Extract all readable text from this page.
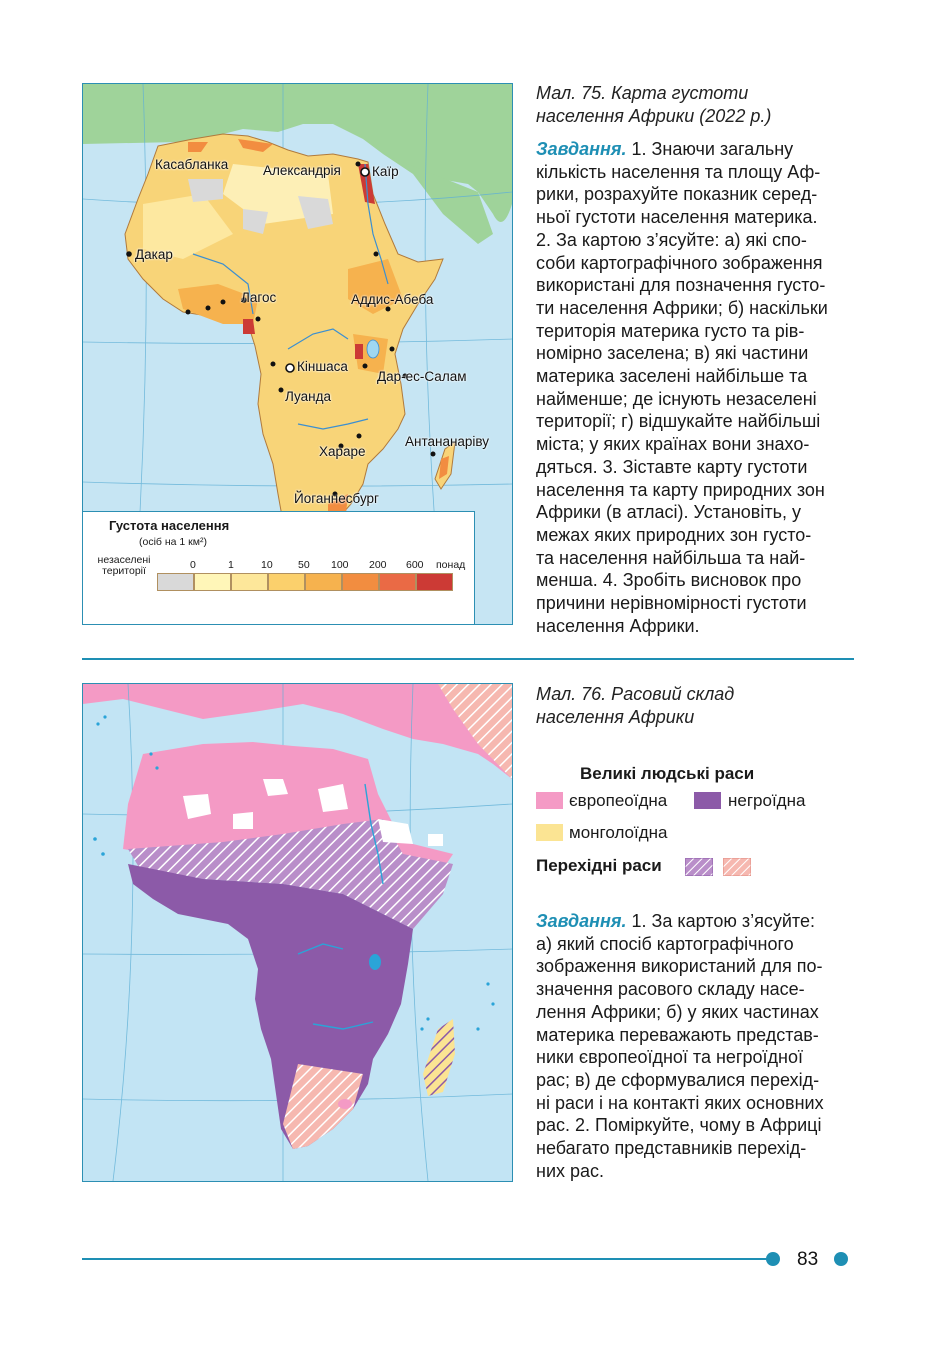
Касабланка	Александрія Каїр
Дакар
Лагос	Аддис-Абеба
Кіншаса
Дар-ес-Салам
Луанда
Антананаріву
Хараре
Йоганнесбург
Густота населення
(осіб на 1 км²)
незаселені території	0	1	10 50 100 200 600 понад
Мал. 75. Карта густоти
населення Африки (2022 р.)
Завдання. 1. Знаючи загальну
кількість населення та площу Аф-
рики, розрахуйте показник серед-
ньої густоти населення материка.
2. За картою з’ясуйте: а) які спо-
соби картографічного зображення
використані для позначення густо-
ти населення Африки; б) наскільки
територія материка густо та рів-
номірно заселена; в) які частини
материка заселені найбільше та
найменше; де існують незаселені
території; г) відшукайте найбільші
міста; у яких країнах вони знахо-
дяться. 3. Зіставте карту густоти
населення та карту природних зон
Африки (в атласі). Установіть, у
межах яких природних зон густо-
та населення найбільша та най-
менша. 4. Зробіть висновок про
причини нерівномірності густоти
населення Африки.
Мал. 76. Расовий склад
населення Африки
Великі людські раси
європеоїдна	негроїдна
монголоїдна
Перехідні раси
Завдання. 1. За картою з’ясуйте:
а) який спосіб картографічного
зображення використаний для по-
значення расового складу насе-
лення Африки; б) у яких частинах
материка переважають представ-
ники європеоїдної та негроїдної
рас; в) де сформувалися перехід-
ні раси і на контакті яких основних
рас. 2. Поміркуйте, чому в Африці
небагато представників перехід-
них рас.
83
